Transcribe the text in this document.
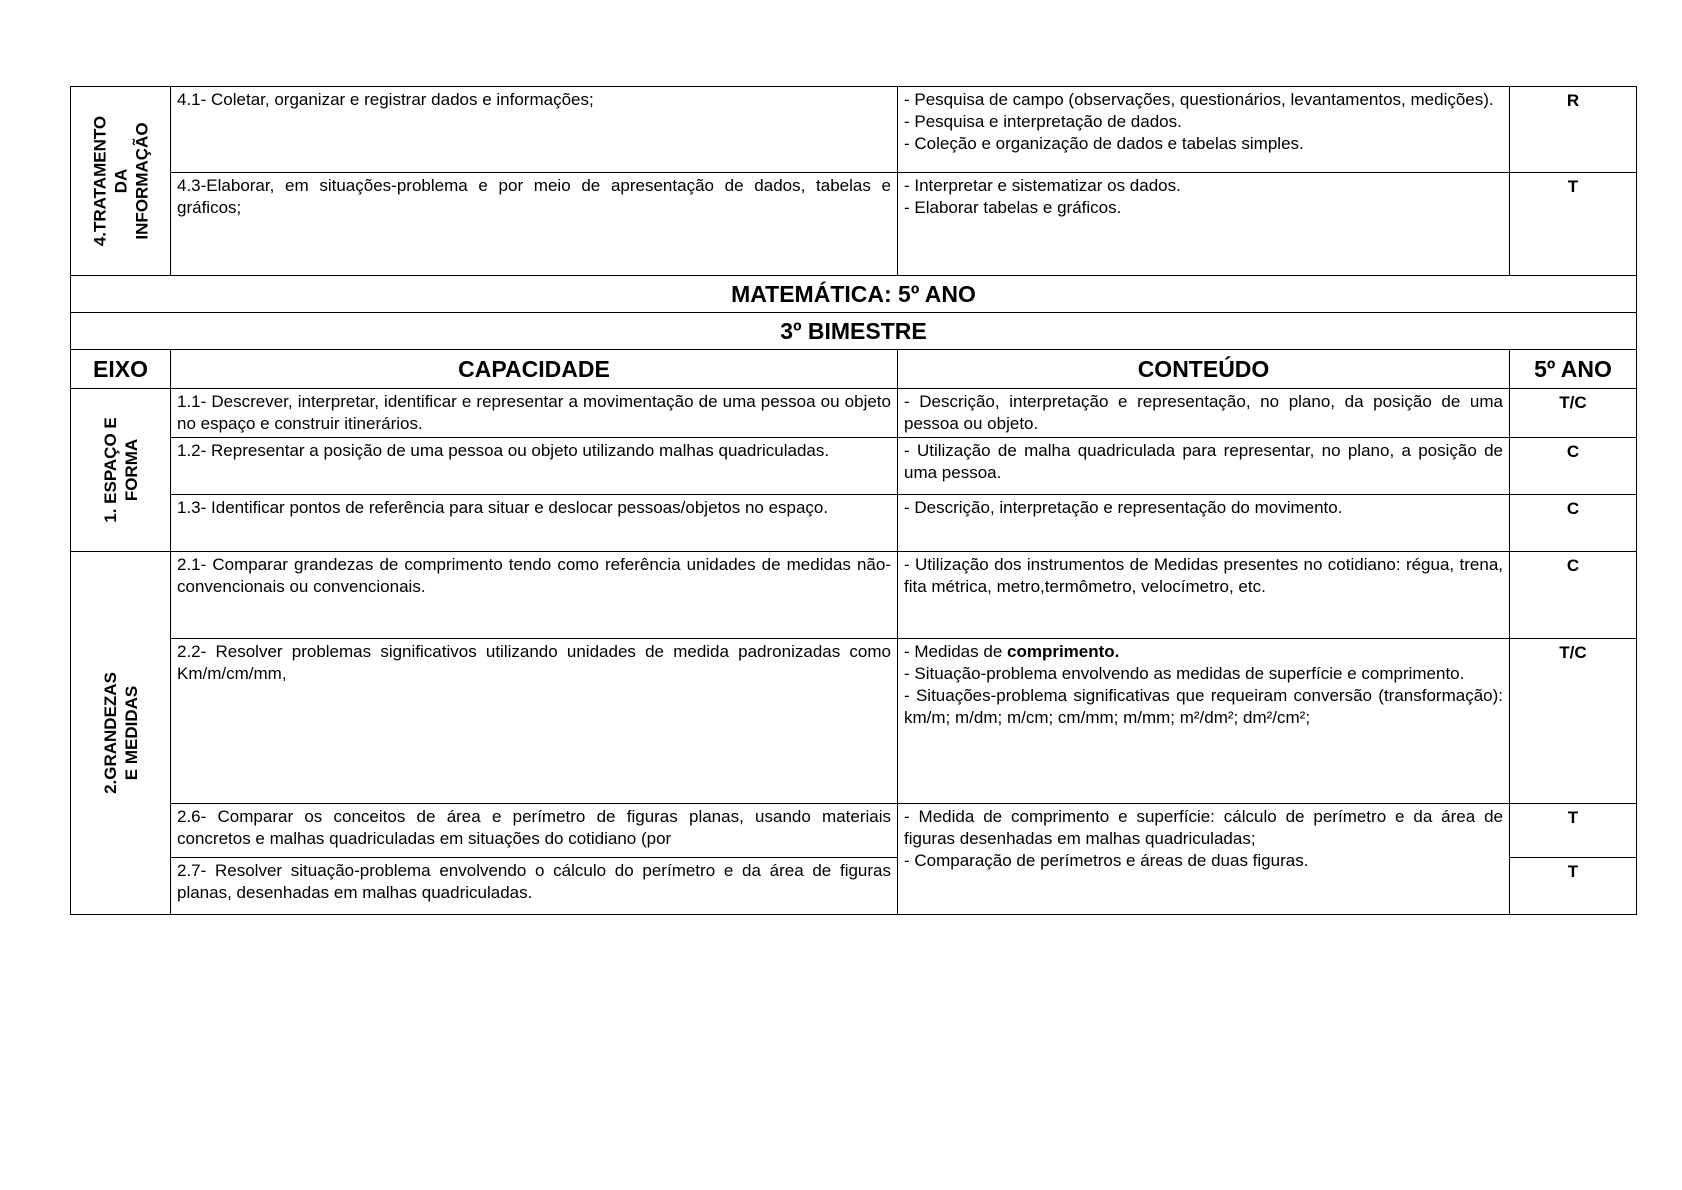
4.TRATAMENTO DA INFORMAÇÃO	4.1- Coletar, organizar e registrar dados e informações;	- Pesquisa de campo (observações, questionários, levantamentos, medições).
- Pesquisa e interpretação de dados.
- Coleção e organização de dados e tabelas simples.	R
	4.3-Elaborar, em situações-problema e por meio de apresentação de dados, tabelas e gráficos;	- Interpretar e sistematizar os dados.
- Elaborar tabelas e gráficos.	T
MATEMÁTICA: 5º ANO			
3º BIMESTRE			
EIXO	CAPACIDADE	CONTEÚDO	5º ANO

1. ESPAÇO E FORMA	1.1- Descrever, interpretar, identificar e representar a movimentação de uma pessoa ou objeto no espaço e construir itinerários.	- Descrição, interpretação e representação, no plano, da posição de uma pessoa ou objeto.	T/C
	1.2- Representar a posição de uma pessoa ou objeto utilizando malhas quadriculadas.	- Utilização de malha quadriculada para representar, no plano, a posição de uma pessoa.	C
	1.3- Identificar pontos de referência para situar e deslocar pessoas/objetos no espaço.	- Descrição, interpretação e representação do movimento.	C

2.GRANDEZAS E MEDIDAS	2.1- Comparar grandezas de comprimento tendo como referência unidades de medidas não-convencionais ou convencionais.	- Utilização dos instrumentos de Medidas presentes no cotidiano: régua, trena, fita métrica, metro,termômetro, velocímetro, etc.	C
	2.2- Resolver problemas significativos utilizando unidades de medida padronizadas como Km/m/cm/mm,	- Medidas de comprimento.
- Situação-problema envolvendo as medidas de superfície e comprimento.
- Situações-problema significativas que requeiram conversão (transformação): km/m; m/dm; m/cm; cm/mm; m/mm; m²/dm²; dm²/cm²;	T/C

	2.6- Comparar os conceitos de área e perímetro de figuras planas, usando materiais concretos e malhas quadriculadas em situações do cotidiano (por	- Medida de comprimento e superfície: cálculo de perímetro e da área de figuras desenhadas em malhas quadriculadas;
- Comparação de perímetros e áreas de duas figuras.	T
	2.7- Resolver situação-problema envolvendo o cálculo do perímetro e da área de figuras planas, desenhadas em malhas quadriculadas.		T
